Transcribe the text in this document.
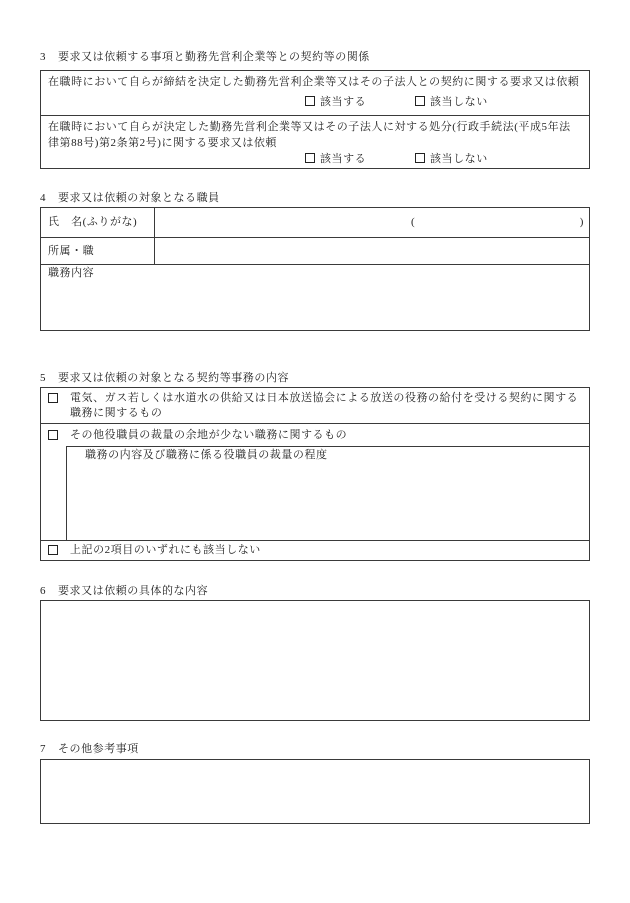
3 要求又は依頼する事項と勤務先営利企業等との契約等の関係
在職時において自らが締結を決定した勤務先営利企業等又はその子法人との契約に関する要求又は依頼
該当する	該当しない
在職時において自らが決定した勤務先営利企業等又はその子法人に対する処分(行政手続法(平成5年法
律第88号)第2条第2号)に関する要求又は依頼
該当する	該当しない
4 要求又は依頼の対象となる職員
氏　名(ふりがな)	(	)
所属・職
職務内容
5 要求又は依頼の対象となる契約等事務の内容
電気、ガス若しくは水道水の供給又は日本放送協会による放送の役務の給付を受ける契約に関する
職務に関するもの
その他役職員の裁量の余地が少ない職務に関するもの
職務の内容及び職務に係る役職員の裁量の程度
上記の2項目のいずれにも該当しない
6 要求又は依頼の具体的な内容
7 その他参考事項
